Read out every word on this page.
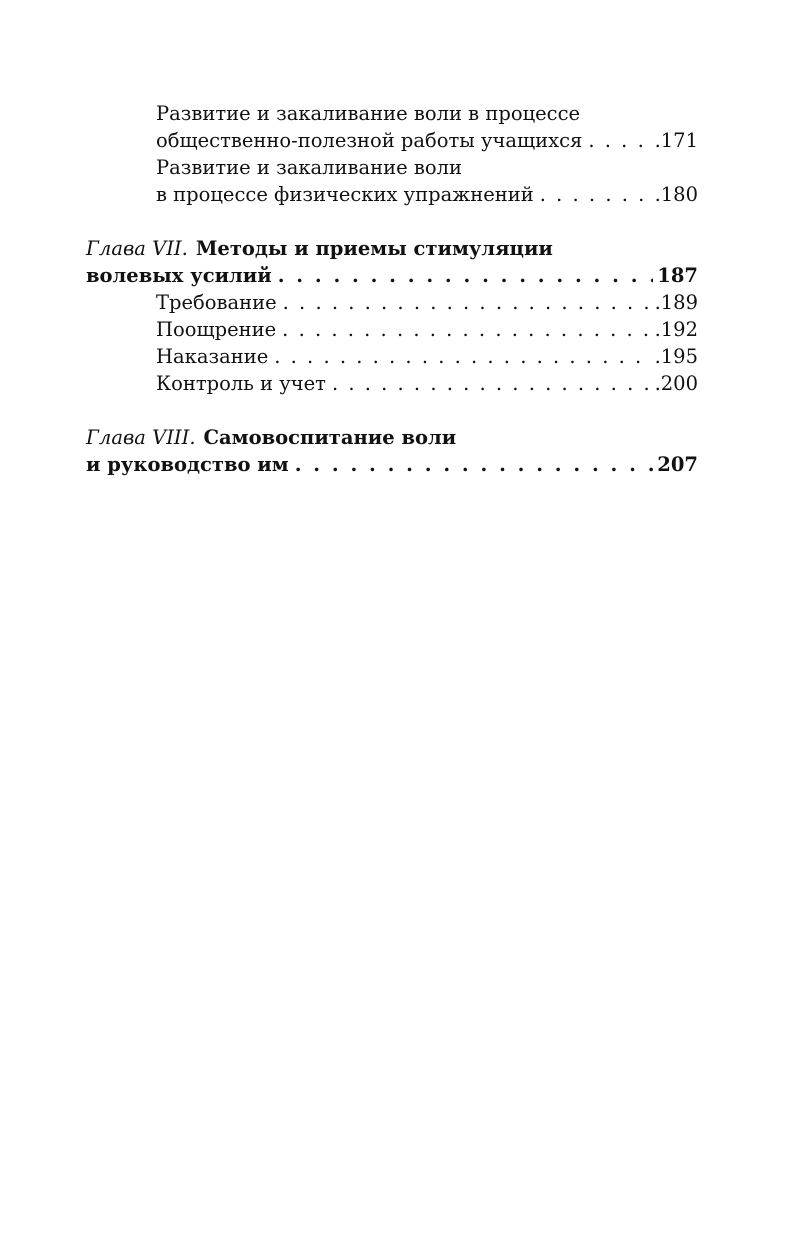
Развитие и закаливание воли в процессе
общественно-полезной работы учащихся . . .	.171
Развитие и закаливание воли
в процессе физических упражнений . . .	.180
Глава VII. Методы и приемы стимуляции
волевых усилий . . .	187
Требование . . .	.189
Поощрение . . .	.192
Наказание . . .	.195
Контроль и учет . . .	.200
Глава VIII. Самовоспитание воли
и руководство им . . .	207
